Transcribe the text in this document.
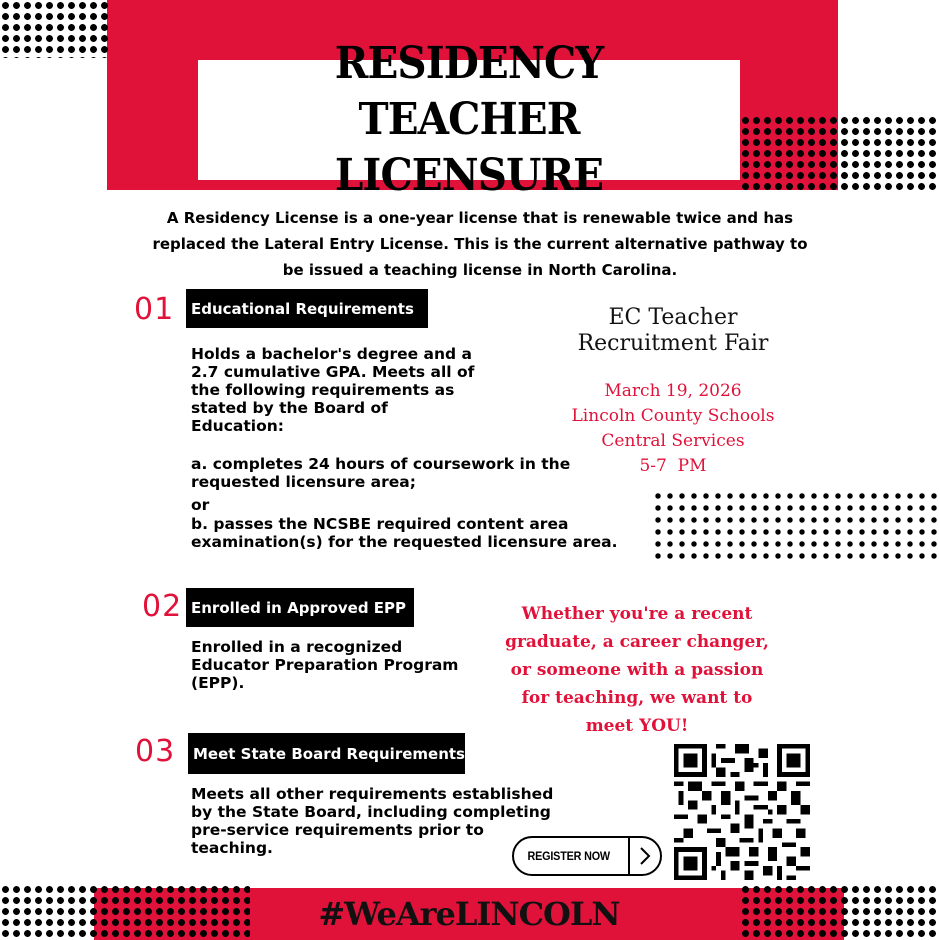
RESIDENCY TEACHER
LICENSURE

A Residency License is a one-year license that is renewable twice and has replaced the Lateral Entry License. This is the current alternative pathway to be issued a teaching license in North Carolina.

01	Educational Requirements
Holds a bachelor's degree and a 2.7 cumulative GPA. Meets all of the following requirements as stated by the Board of Education:
a. completes 24 hours of coursework in the requested licensure area;
or
b. passes the NCSBE required content area examination(s) for the requested licensure area.
02 Enrolled in Approved EPP
Enrolled in a recognized Educator Preparation Program (EPP).
03	Meet State Board Requirements
Meets all other requirements established by the State Board, including completing pre-service requirements prior to teaching.
EC Teacher
Recruitment Fair
March 19, 2026
Lincoln County Schools
Central Services
5-7  PM

Whether you're a recent graduate, a career changer, or someone with a passion for teaching, we want to meet YOU!

REGISTER NOW
#WeAreLINCOLN
